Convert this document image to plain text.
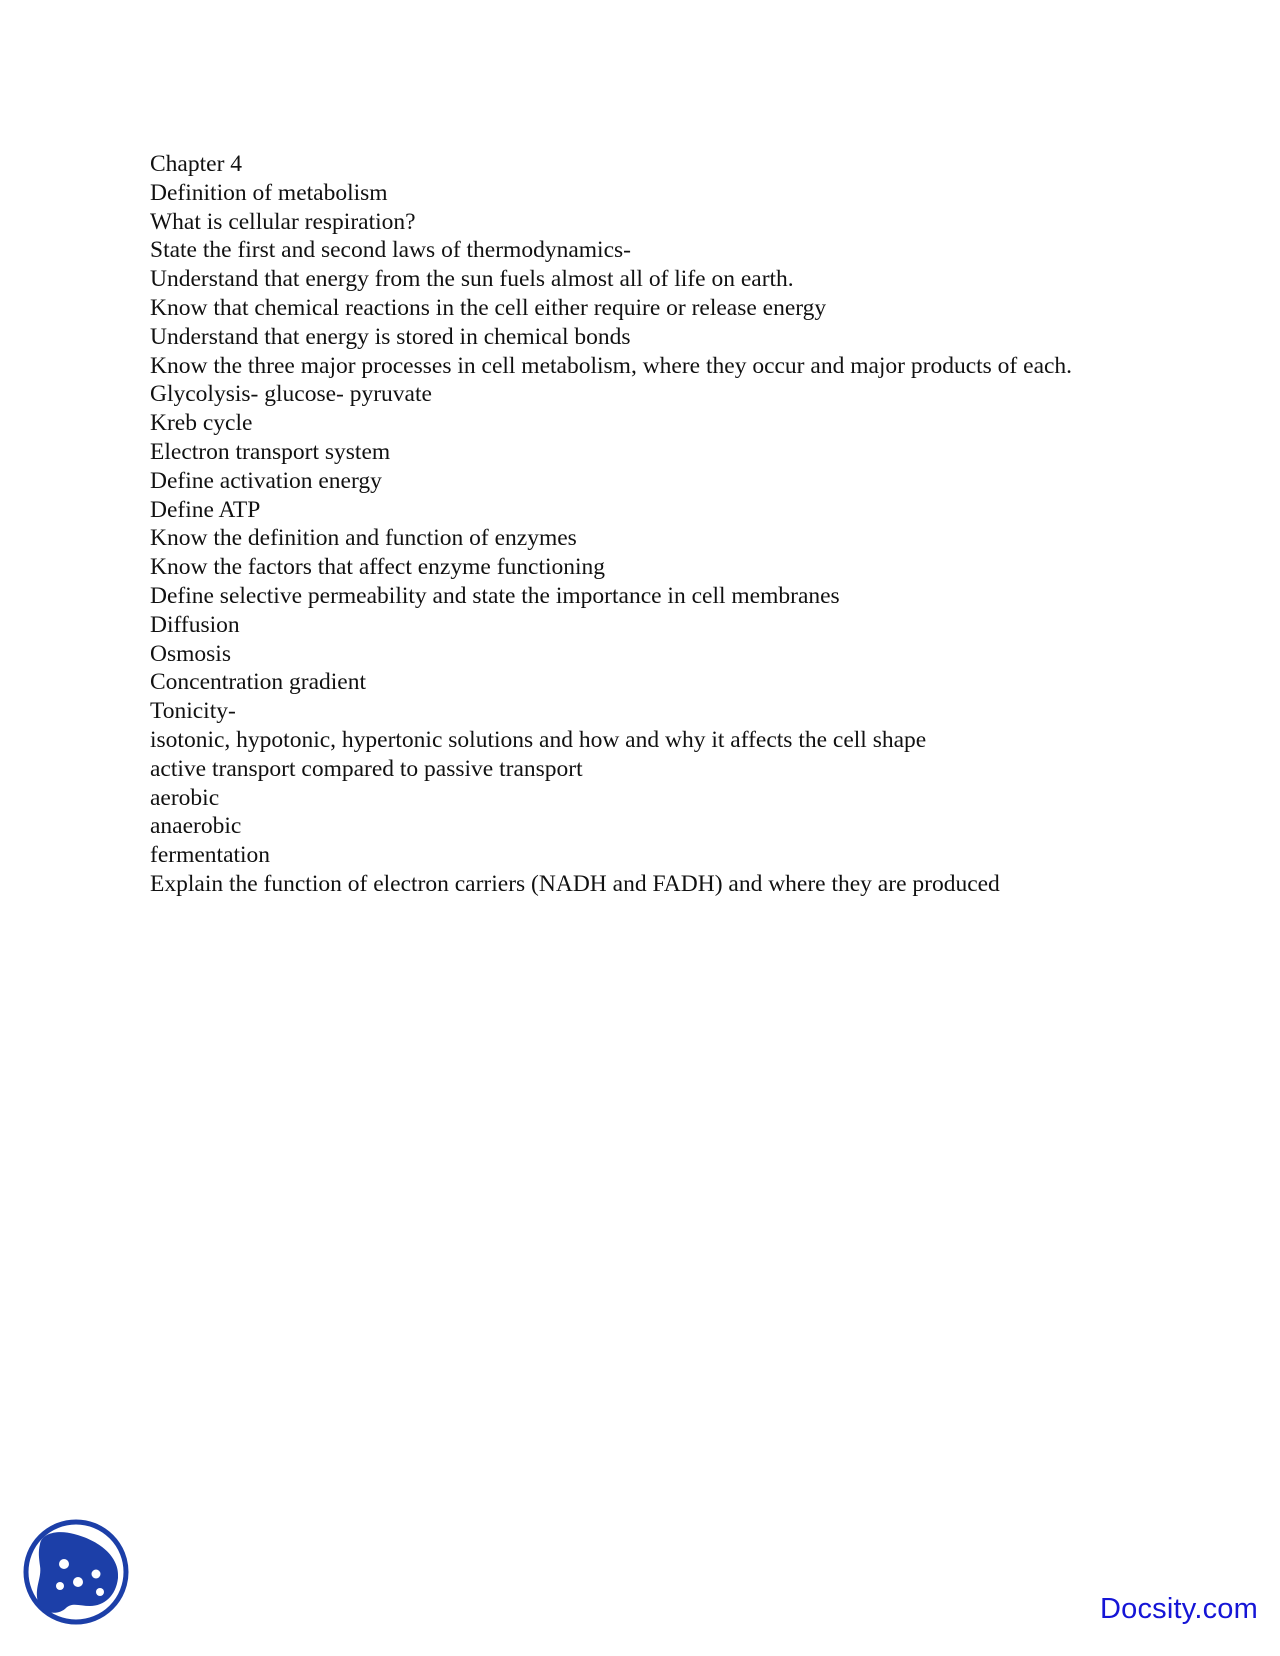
Chapter 4
Definition of metabolism
What is cellular respiration?
State the first and second laws of thermodynamics-
Understand that energy from the sun fuels almost all of life on earth.
Know that chemical reactions in the cell either require or release energy
Understand that energy is stored in chemical bonds
Know the three major processes in cell metabolism, where they occur and major products of each.
Glycolysis- glucose- pyruvate
Kreb cycle
Electron transport system
Define activation energy
Define ATP
Know the definition and function of enzymes
Know the factors that affect enzyme functioning
Define selective permeability and state the importance in cell membranes
Diffusion
Osmosis
Concentration gradient
Tonicity-
isotonic, hypotonic, hypertonic solutions and how and why it affects the cell shape
active transport compared to passive transport
aerobic
anaerobic
fermentation
Explain the function of electron carriers (NADH and FADH) and where they are produced
Docsity.com
